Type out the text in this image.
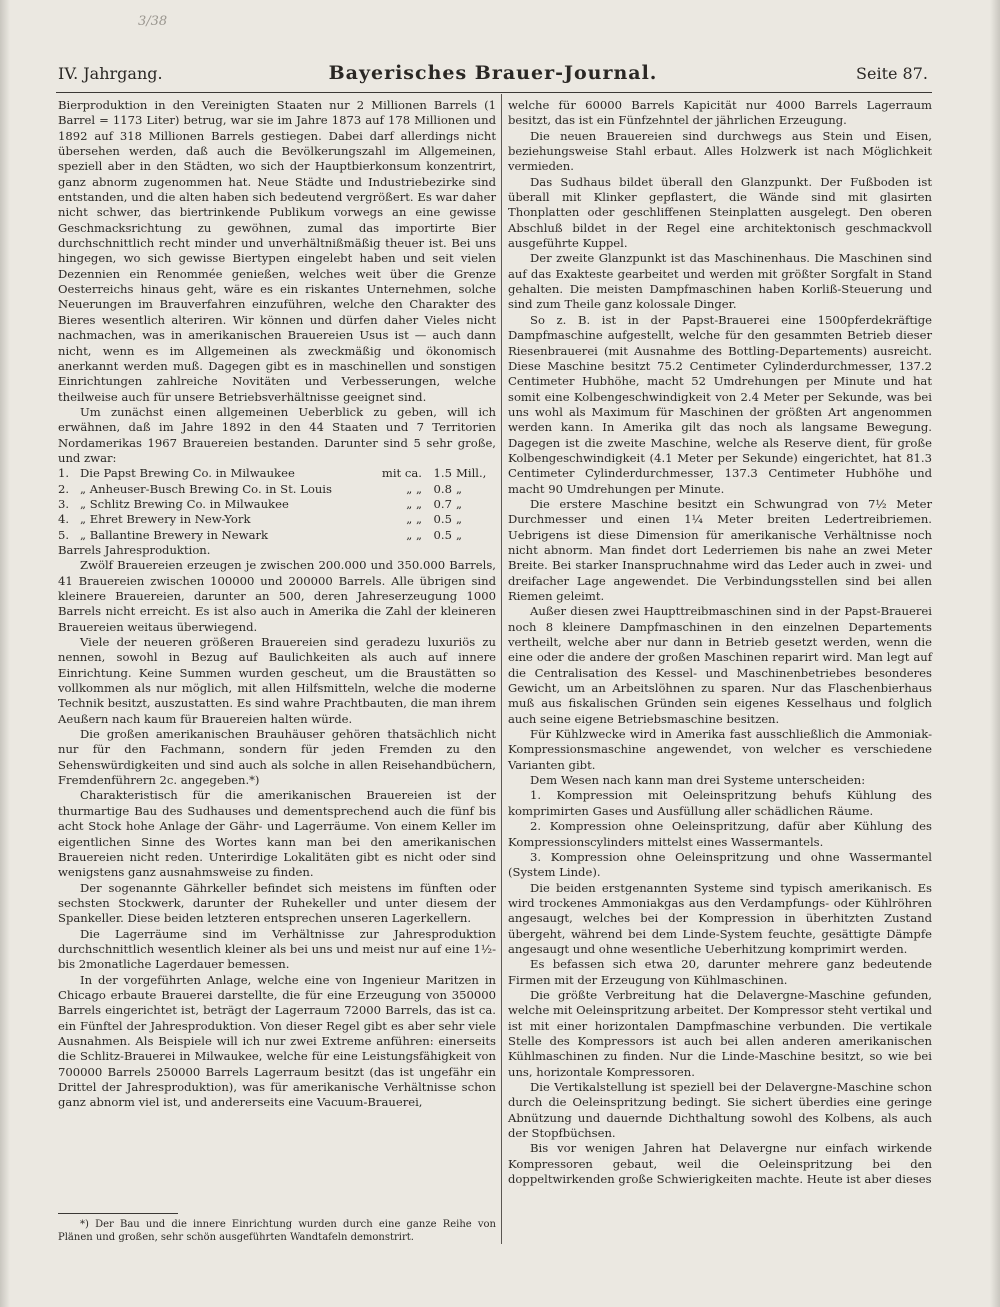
3/38
IV. Jahrgang.	Bayerisches Brauer-Journal.	Seite 87.

Bierproduktion in den Vereinigten Staaten nur 2 Millionen Barrels (1 Barrel = 1173 Liter) betrug, war sie im Jahre 1873 auf 178 Millionen und 1892 auf 318 Millionen Barrels gestiegen. Dabei darf allerdings nicht übersehen werden, daß auch die Bevölkerungszahl im Allgemeinen, speziell aber in den Städten, wo sich der Hauptbierkonsum konzentrirt, ganz abnorm zugenommen hat. Neue Städte und Industriebezirke sind entstanden, und die alten haben sich bedeutend vergrößert. Es war daher nicht schwer, das biertrinkende Publikum vorwegs an eine gewisse Geschmacksrichtung zu gewöhnen, zumal das importirte Bier durchschnittlich recht minder und unverhältnißmäßig theuer ist. Bei uns hingegen, wo sich gewisse Biertypen eingelebt haben und seit vielen Dezennien ein Renommée genießen, welches weit über die Grenze Oesterreichs hinaus geht, wäre es ein riskantes Unternehmen, solche Neuerungen im Brauverfahren einzuführen, welche den Charakter des Bieres wesentlich alteriren. Wir können und dürfen daher Vieles nicht nachmachen, was in amerikanischen Brauereien Usus ist — auch dann nicht, wenn es im Allgemeinen als zweckmäßig und ökonomisch anerkannt werden muß. Dagegen gibt es in maschinellen und sonstigen Einrichtungen zahlreiche Novitäten und Verbesserungen, welche theilweise auch für unsere Betriebsverhältnisse geeignet sind.

Um zunächst einen allgemeinen Ueberblick zu geben, will ich erwähnen, daß im Jahre 1892 in den 44 Staaten und 7 Territorien Nordamerikas 1967 Brauereien bestanden. Darunter sind 5 sehr große, und zwar:

1. Die Papst Brewing Co. in Milwaukee	mit ca. 1.5 Mill.,
2. „ Anheuser-Busch Brewing Co. in St. Louis	„ „ 0.8 „
3. „ Schlitz Brewing Co. in Milwaukee	„ „ 0.7 „
4. „ Ehret Brewery in New-York	„ „ 0.5 „
5. „ Ballantine Brewery in Newark	„ „ 0.5 „

Barrels Jahresproduktion.

Zwölf Brauereien erzeugen je zwischen 200.000 und 350.000 Barrels, 41 Brauereien zwischen 100000 und 200000 Barrels. Alle übrigen sind kleinere Brauereien, darunter an 500, deren Jahreserzeugung 1000 Barrels nicht erreicht. Es ist also auch in Amerika die Zahl der kleineren Brauereien weitaus überwiegend.

Viele der neueren größeren Brauereien sind geradezu luxuriös zu nennen, sowohl in Bezug auf Baulichkeiten als auch auf innere Einrichtung. Keine Summen wurden gescheut, um die Braustätten so vollkommen als nur möglich, mit allen Hilfsmitteln, welche die moderne Technik besitzt, auszustatten. Es sind wahre Prachtbauten, die man ihrem Aeußern nach kaum für Brauereien halten würde.

Die großen amerikanischen Brauhäuser gehören thatsächlich nicht nur für den Fachmann, sondern für jeden Fremden zu den Sehenswürdigkeiten und sind auch als solche in allen Reisehandbüchern, Fremdenführern 2c. angegeben.*)

Charakteristisch für die amerikanischen Brauereien ist der thurmartige Bau des Sudhauses und dementsprechend auch die fünf bis acht Stock hohe Anlage der Gähr- und Lagerräume. Von einem Keller im eigentlichen Sinne des Wortes kann man bei den amerikanischen Brauereien nicht reden. Unterirdige Lokalitäten gibt es nicht oder sind wenigstens ganz ausnahmsweise zu finden.

Der sogenannte Gährkeller befindet sich meistens im fünften oder sechsten Stockwerk, darunter der Ruhekeller und unter diesem der Spankeller. Diese beiden letzteren entsprechen unseren Lagerkellern.

Die Lagerräume sind im Verhältnisse zur Jahresproduktion durchschnittlich wesentlich kleiner als bei uns und meist nur auf eine 1½- bis 2monatliche Lagerdauer bemessen.

In der vorgeführten Anlage, welche eine von Ingenieur Maritzen in Chicago erbaute Brauerei darstellte, die für eine Erzeugung von 350000 Barrels eingerichtet ist, beträgt der Lagerraum 72000 Barrels, das ist ca. ein Fünftel der Jahresproduktion. Von dieser Regel gibt es aber sehr viele Ausnahmen. Als Beispiele will ich nur zwei Extreme anführen: einerseits die Schlitz-Brauerei in Milwaukee, welche für eine Leistungsfähigkeit von 700000 Barrels 250000 Barrels Lagerraum besitzt (das ist ungefähr ein Drittel der Jahresproduktion), was für amerikanische Verhältnisse schon ganz abnorm viel ist, und andererseits eine Vacuum-Brauerei,

*) Der Bau und die innere Einrichtung wurden durch eine ganze Reihe von Plänen und großen, sehr schön ausgeführten Wandtafeln demonstrirt.

welche für 60000 Barrels Kapicität nur 4000 Barrels Lagerraum besitzt, das ist ein Fünfzehntel der jährlichen Erzeugung.

Die neuen Brauereien sind durchwegs aus Stein und Eisen, beziehungsweise Stahl erbaut. Alles Holzwerk ist nach Möglichkeit vermieden.

Das Sudhaus bildet überall den Glanzpunkt. Der Fußboden ist überall mit Klinker gepflastert, die Wände sind mit glasirten Thonplatten oder geschliffenen Steinplatten ausgelegt. Den oberen Abschluß bildet in der Regel eine architektonisch geschmackvoll ausgeführte Kuppel.

Der zweite Glanzpunkt ist das Maschinenhaus. Die Maschinen sind auf das Exakteste gearbeitet und werden mit größter Sorgfalt in Stand gehalten. Die meisten Dampfmaschinen haben Korliß-Steuerung und sind zum Theile ganz kolossale Dinger.

So z. B. ist in der Papst-Brauerei eine 1500pferdekräftige Dampfmaschine aufgestellt, welche für den gesammten Betrieb dieser Riesenbrauerei (mit Ausnahme des Bottling-Departements) ausreicht. Diese Maschine besitzt 75.2 Centimeter Cylinderdurchmesser, 137.2 Centimeter Hubhöhe, macht 52 Umdrehungen per Minute und hat somit eine Kolbengeschwindigkeit von 2.4 Meter per Sekunde, was bei uns wohl als Maximum für Maschinen der größten Art angenommen werden kann. In Amerika gilt das noch als langsame Bewegung. Dagegen ist die zweite Maschine, welche als Reserve dient, für große Kolbengeschwindigkeit (4.1 Meter per Sekunde) eingerichtet, hat 81.3 Centimeter Cylinderdurchmesser, 137.3 Centimeter Hubhöhe und macht 90 Umdrehungen per Minute.

Die erstere Maschine besitzt ein Schwungrad von 7½ Meter Durchmesser und einen 1¼ Meter breiten Ledertreibriemen. Uebrigens ist diese Dimension für amerikanische Verhältnisse noch nicht abnorm. Man findet dort Lederriemen bis nahe an zwei Meter Breite. Bei starker Inanspruchnahme wird das Leder auch in zwei- und dreifacher Lage angewendet. Die Verbindungsstellen sind bei allen Riemen geleimt.

Außer diesen zwei Haupttreibmaschinen sind in der Papst-Brauerei noch 8 kleinere Dampfmaschinen in den einzelnen Departements vertheilt, welche aber nur dann in Betrieb gesetzt werden, wenn die eine oder die andere der großen Maschinen reparirt wird. Man legt auf die Centralisation des Kessel- und Maschinenbetriebes besonderes Gewicht, um an Arbeitslöhnen zu sparen. Nur das Flaschenbierhaus muß aus fiskalischen Gründen sein eigenes Kesselhaus und folglich auch seine eigene Betriebsmaschine besitzen.

Für Kühlzwecke wird in Amerika fast ausschließlich die Ammoniak-Kompressionsmaschine angewendet, von welcher es verschiedene Varianten gibt.

Dem Wesen nach kann man drei Systeme unterscheiden:

1. Kompression mit Oeleinspritzung behufs Kühlung des komprimirten Gases und Ausfüllung aller schädlichen Räume.

2. Kompression ohne Oeleinspritzung, dafür aber Kühlung des Kompressionscylinders mittelst eines Wassermantels.

3. Kompression ohne Oeleinspritzung und ohne Wassermantel (System Linde).

Die beiden erstgenannten Systeme sind typisch amerikanisch. Es wird trockenes Ammoniakgas aus den Verdampfungs- oder Kühlröhren angesaugt, welches bei der Kompression in überhitzten Zustand übergeht, während bei dem Linde-System feuchte, gesättigte Dämpfe angesaugt und ohne wesentliche Ueberhitzung komprimirt werden.

Es befassen sich etwa 20, darunter mehrere ganz bedeutende Firmen mit der Erzeugung von Kühlmaschinen.

Die größte Verbreitung hat die Delavergne-Maschine gefunden, welche mit Oeleinspritzung arbeitet. Der Kompressor steht vertikal und ist mit einer horizontalen Dampfmaschine verbunden. Die vertikale Stelle des Kompressors ist auch bei allen anderen amerikanischen Kühlmaschinen zu finden. Nur die Linde-Maschine besitzt, so wie bei uns, horizontale Kompressoren.

Die Vertikalstellung ist speziell bei der Delavergne-Maschine schon durch die Oeleinspritzung bedingt. Sie sichert überdies eine geringe Abnützung und dauernde Dichthaltung sowohl des Kolbens, als auch der Stopfbüchsen.

Bis vor wenigen Jahren hat Delavergne nur einfach wirkende Kompressoren gebaut, weil die Oeleinspritzung bei den doppeltwirkenden große Schwierigkeiten machte. Heute ist aber dieses
